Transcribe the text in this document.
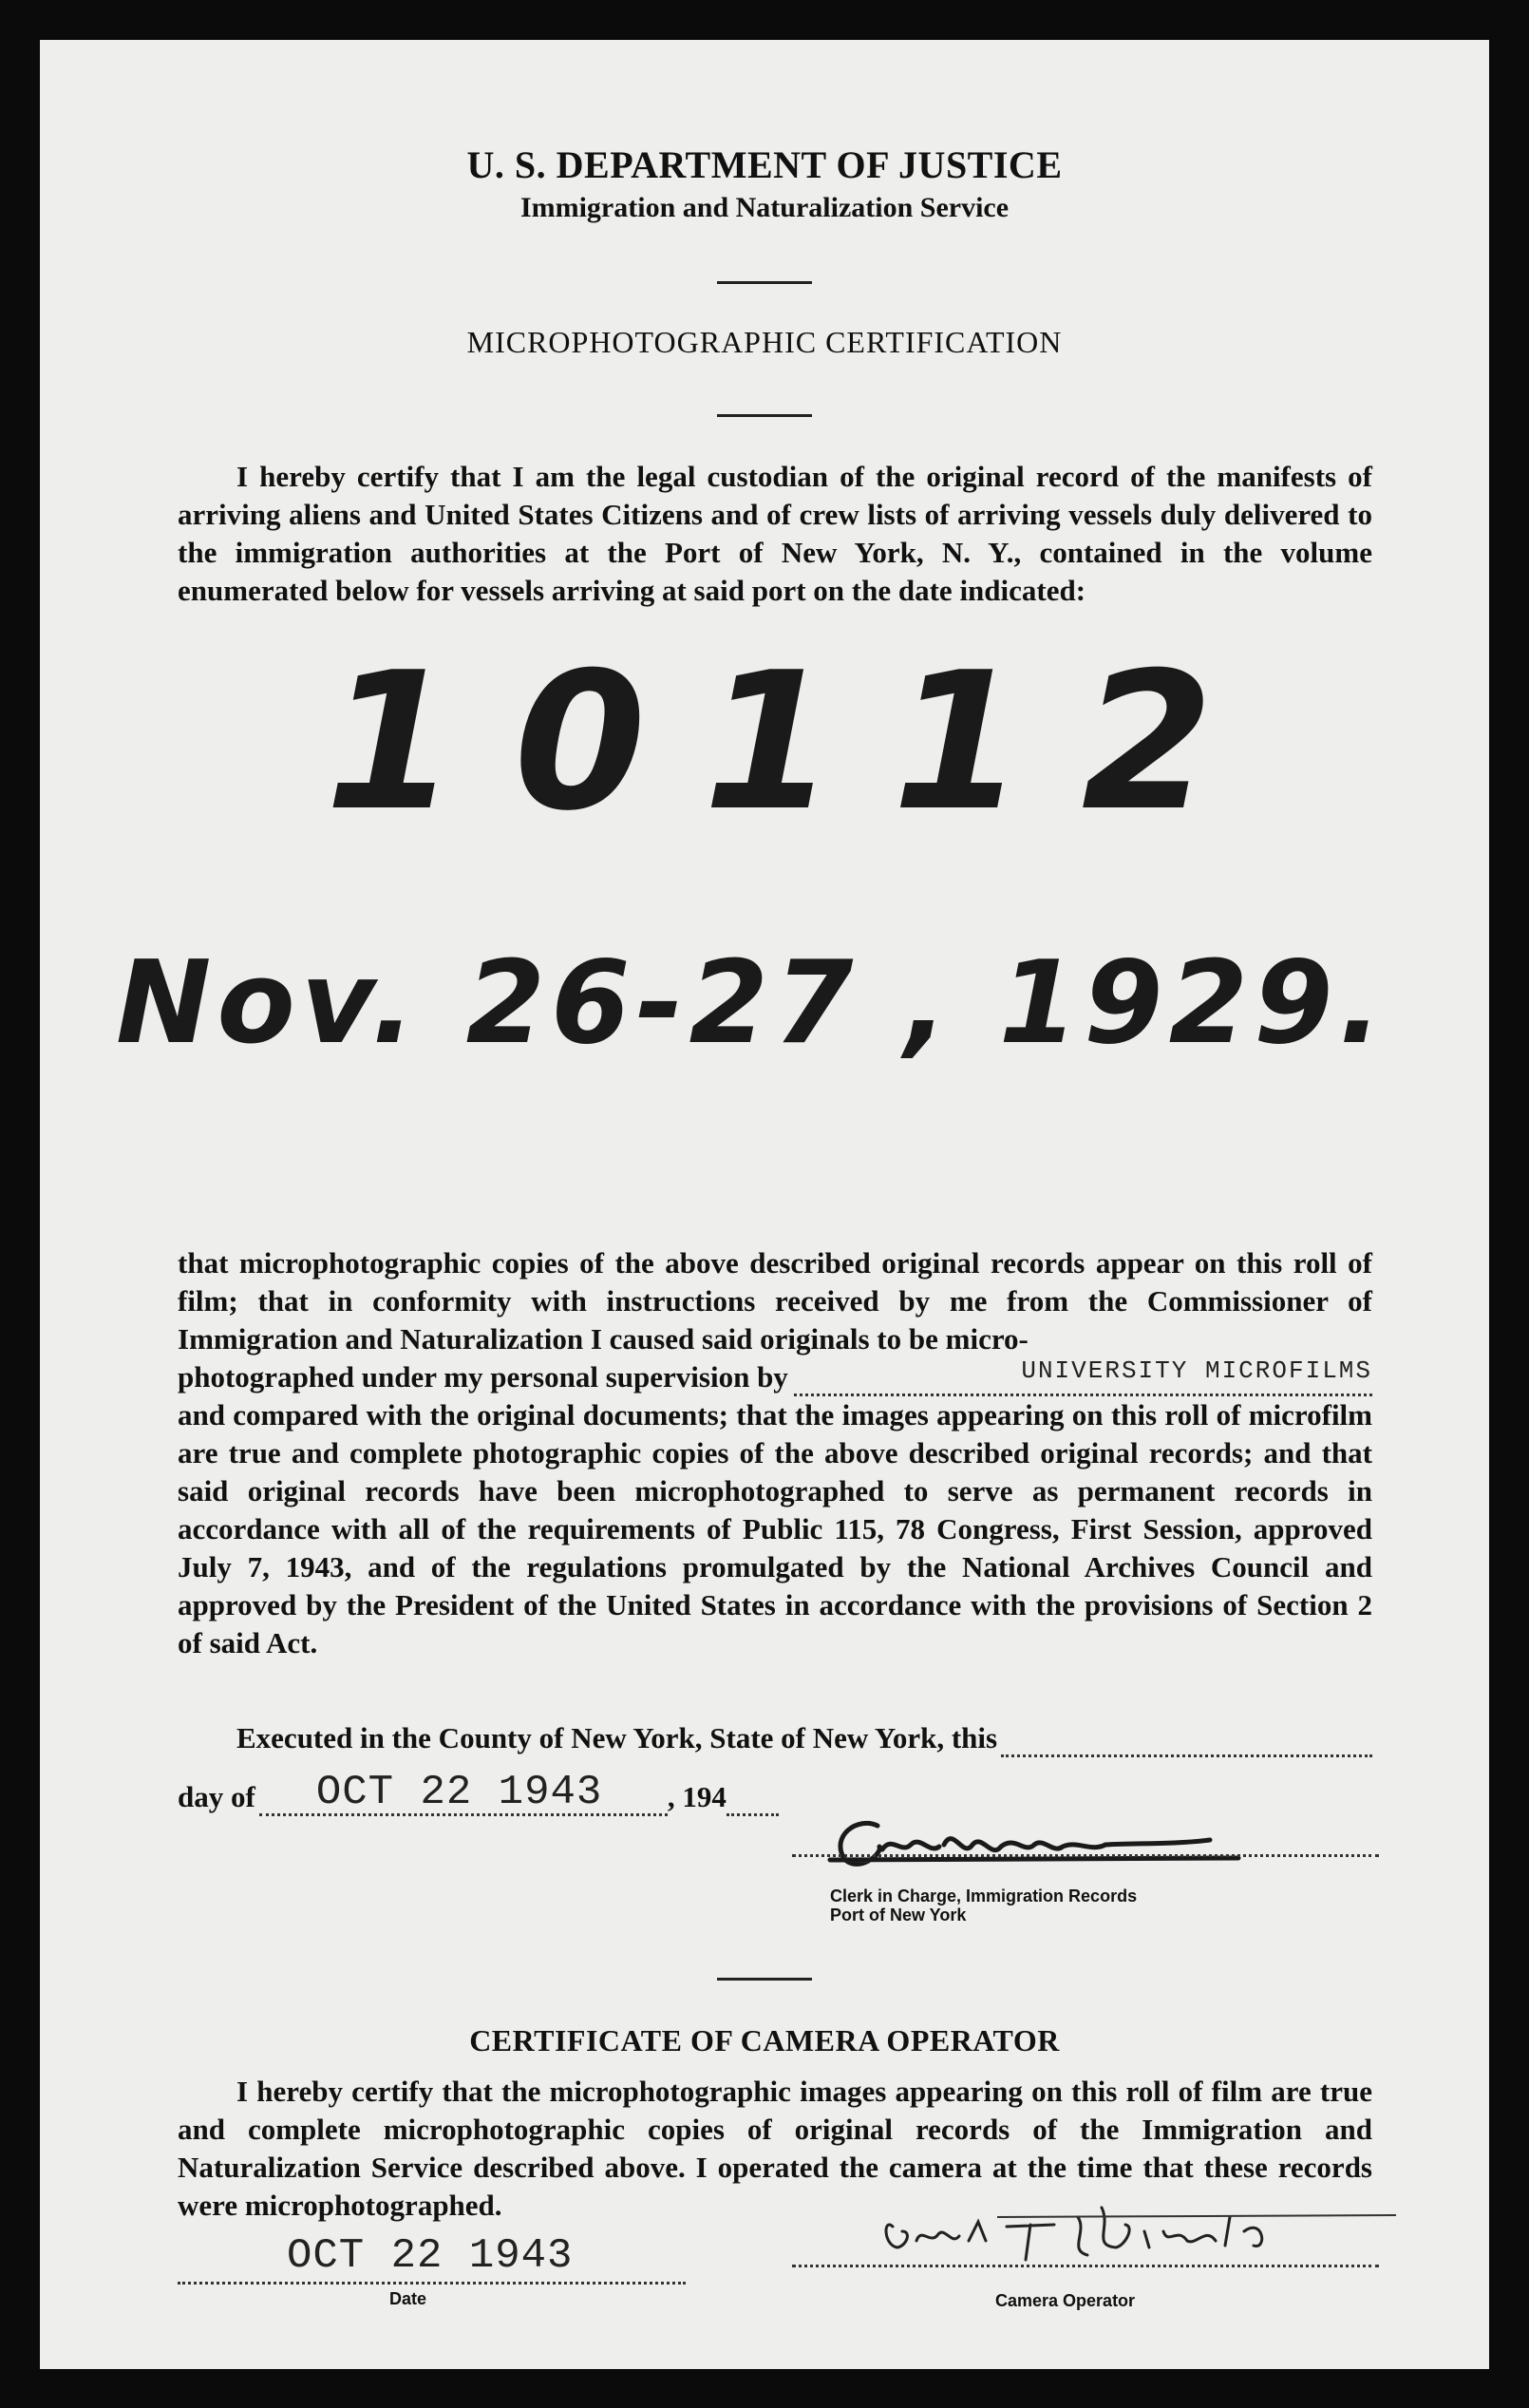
U. S. DEPARTMENT OF JUSTICE
Immigration and Naturalization Service
MICROPHOTOGRAPHIC CERTIFICATION

I hereby certify that I am the legal custodian of the original record of the manifests of arriving aliens and United States Citizens and of crew lists of arriving vessels duly delivered to the immigration authorities at the Port of New York, N. Y., contained in the volume enumerated below for vessels arriving at said port on the date indicated:

10112
Nov. 26-27 , 1929.

that microphotographic copies of the above described original records appear on this roll of film; that in conformity with instructions received by me from the Commissioner of Immigration and Naturalization I caused said originals to be micro-

photographed under my personal supervision by	UNIVERSITY MICROFILMS

and compared with the original documents; that the images appearing on this roll of microfilm are true and complete photographic copies of the above described original records; and that said original records have been microphotographed to serve as permanent records in accordance with all of the requirements of Public 115, 78 Congress, First Session, approved July 7, 1943, and of the regulations promulgated by the National Archives Council and approved by the President of the United States in accordance with the provisions of Section 2 of said Act.

Executed in the County of New York, State of New York, this
day of OCT 22 1943 , 194
Clerk in Charge, Immigration Records
Port of New York
CERTIFICATE OF CAMERA OPERATOR

I hereby certify that the microphotographic images appearing on this roll of film are true and complete microphotographic copies of original records of the Immigration and Naturalization Service described above. I operated the camera at the time that these records were microphotographed.

OCT 22 1943
Date	Camera Operator
